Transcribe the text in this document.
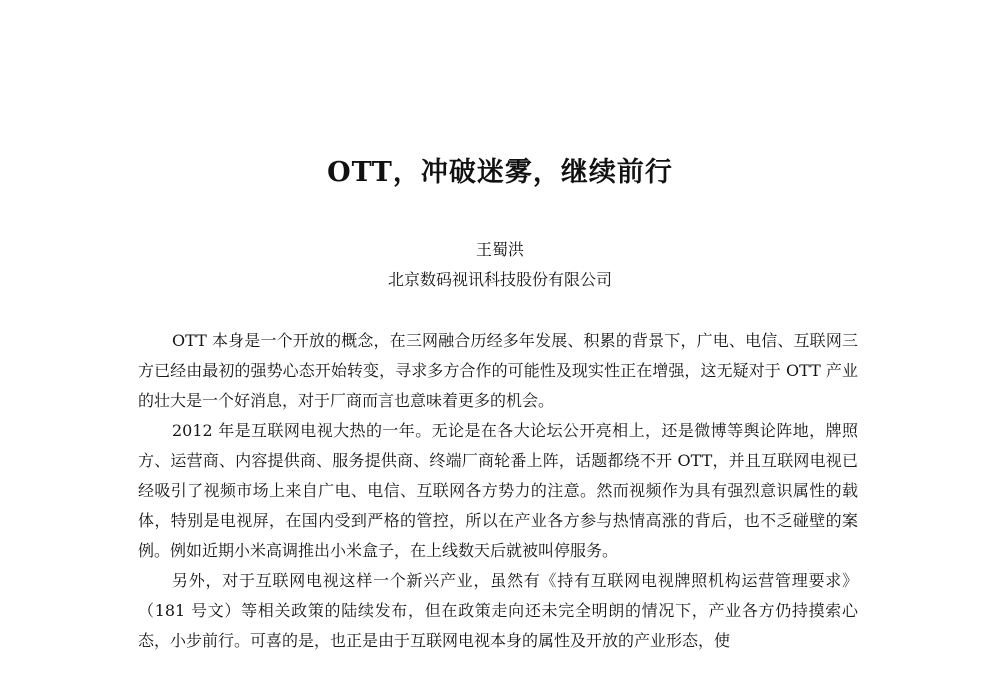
OTT，冲破迷雾，继续前行
王蜀洪
北京数码视讯科技股份有限公司

OTT 本身是一个开放的概念，在三网融合历经多年发展、积累的背景下，广电、电信、互联网三方已经由最初的强势心态开始转变，寻求多方合作的可能性及现实性正在增强，这无疑对于 OTT 产业的壮大是一个好消息，对于厂商而言也意味着更多的机会。

2012 年是互联网电视大热的一年。无论是在各大论坛公开亮相上，还是微博等舆论阵地，牌照方、运营商、内容提供商、服务提供商、终端厂商轮番上阵，话题都绕不开 OTT，并且互联网电视已经吸引了视频市场上来自广电、电信、互联网各方势力的注意。然而视频作为具有强烈意识属性的载体，特别是电视屏，在国内受到严格的管控，所以在产业各方参与热情高涨的背后，也不乏碰壁的案例。例如近期小米高调推出小米盒子，在上线数天后就被叫停服务。

另外，对于互联网电视这样一个新兴产业，虽然有《持有互联网电视牌照机构运营管理要求》（181 号文）等相关政策的陆续发布，但在政策走向还未完全明朗的情况下，产业各方仍持摸索心态，小步前行。可喜的是，也正是由于互联网电视本身的属性及开放的产业形态，使
